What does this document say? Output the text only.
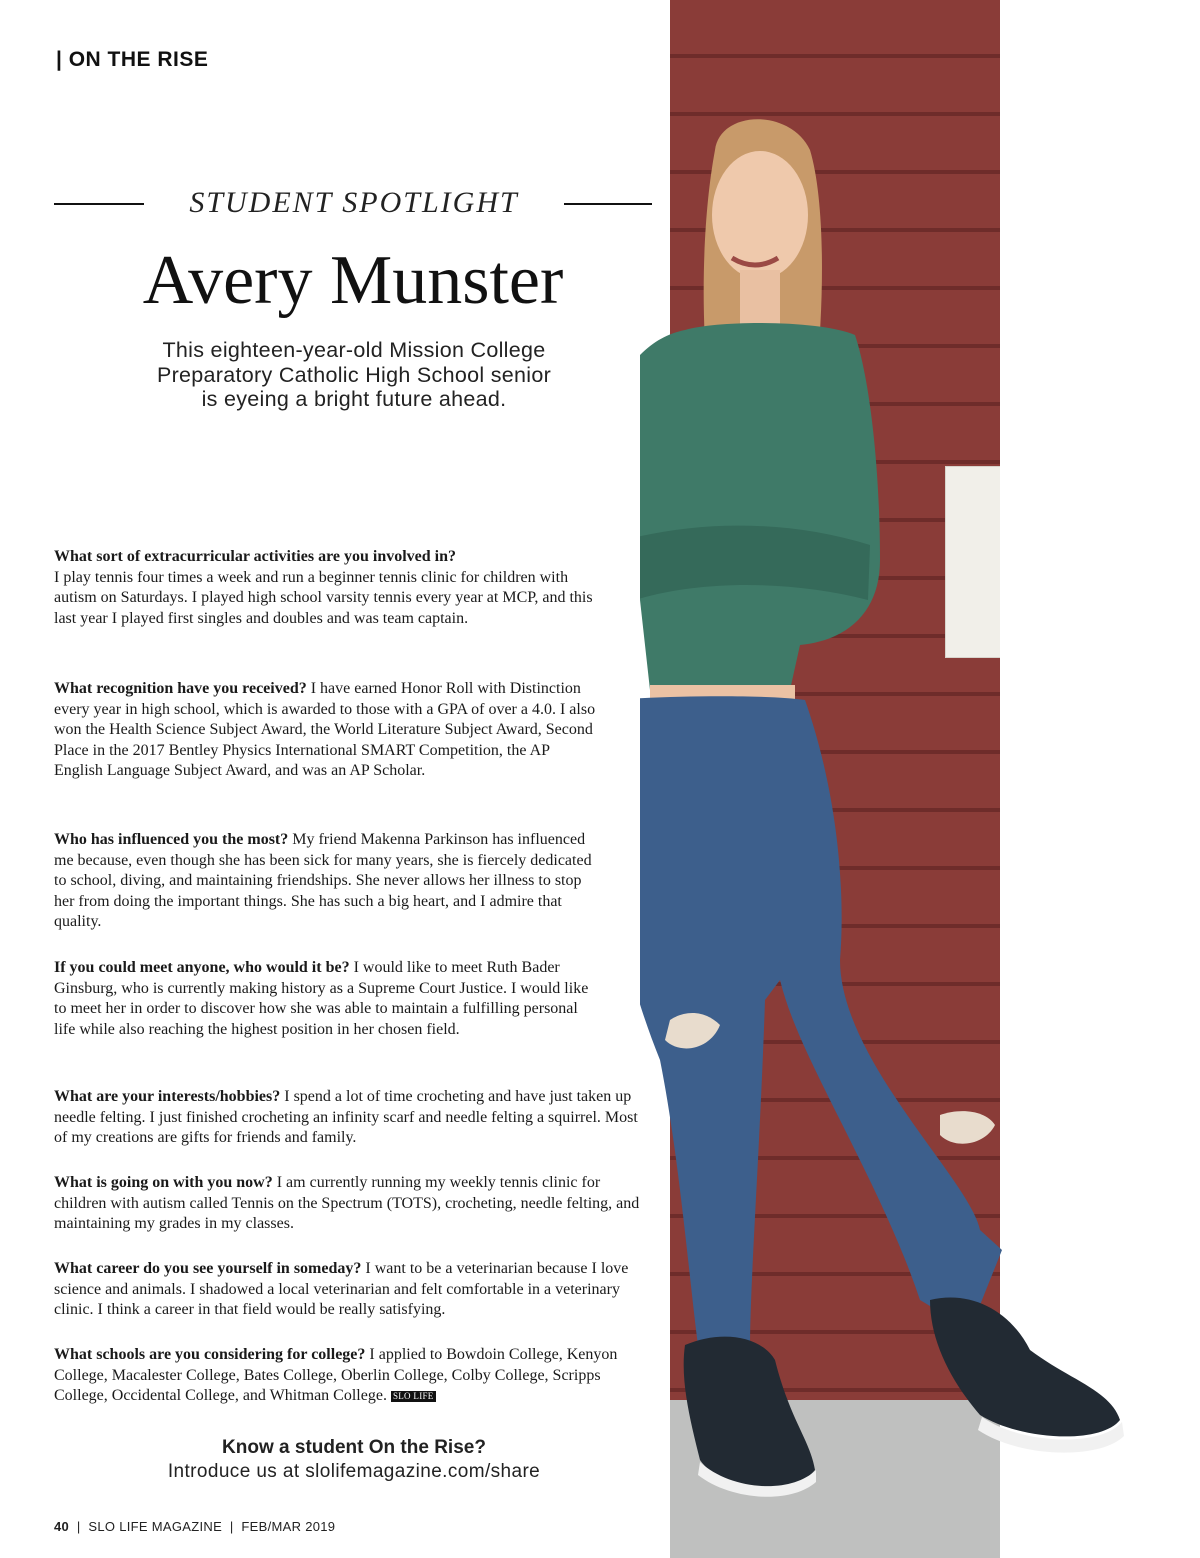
| ON THE RISE
STUDENT SPOTLIGHT
Avery Munster
This eighteen-year-old Mission College
Preparatory Catholic High School senior
is eyeing a bright future ahead.
What sort of extracurricular activities are you involved in?
I play tennis four times a week and run a beginner tennis clinic for children with autism on Saturdays. I played high school varsity tennis every year at MCP, and this last year I played first singles and doubles and was team captain.
What recognition have you received? I have earned Honor Roll with Distinction every year in high school, which is awarded to those with a GPA of over a 4.0. I also won the Health Science Subject Award, the World Literature Subject Award, Second Place in the 2017 Bentley Physics International SMART Competition, the AP English Language Subject Award, and was an AP Scholar.
Who has influenced you the most? My friend Makenna Parkinson has influenced me because, even though she has been sick for many years, she is fiercely dedicated to school, diving, and maintaining friendships. She never allows her illness to stop her from doing the important things. She has such a big heart, and I admire that quality.
If you could meet anyone, who would it be? I would like to meet Ruth Bader Ginsburg, who is currently making history as a Supreme Court Justice. I would like to meet her in order to discover how she was able to maintain a fulfilling personal life while also reaching the highest position in her chosen field.
What are your interests/hobbies? I spend a lot of time crocheting and have just taken up needle felting. I just finished crocheting an infinity scarf and needle felting a squirrel. Most of my creations are gifts for friends and family.
What is going on with you now? I am currently running my weekly tennis clinic for children with autism called Tennis on the Spectrum (TOTS), crocheting, needle felting, and maintaining my grades in my classes.
What career do you see yourself in someday? I want to be a veterinarian because I love science and animals. I shadowed a local veterinarian and felt comfortable in a veterinary clinic. I think a career in that field would be really satisfying.
What schools are you considering for college? I applied to Bowdoin College, Kenyon College, Macalester College, Bates College, Oberlin College, Colby College, Scripps College, Occidental College, and Whitman College. SLO LIFE
Know a student On the Rise?
Introduce us at slolifemagazine.com/share
40  |  SLO LIFE MAGAZINE  |  FEB/MAR 2019
